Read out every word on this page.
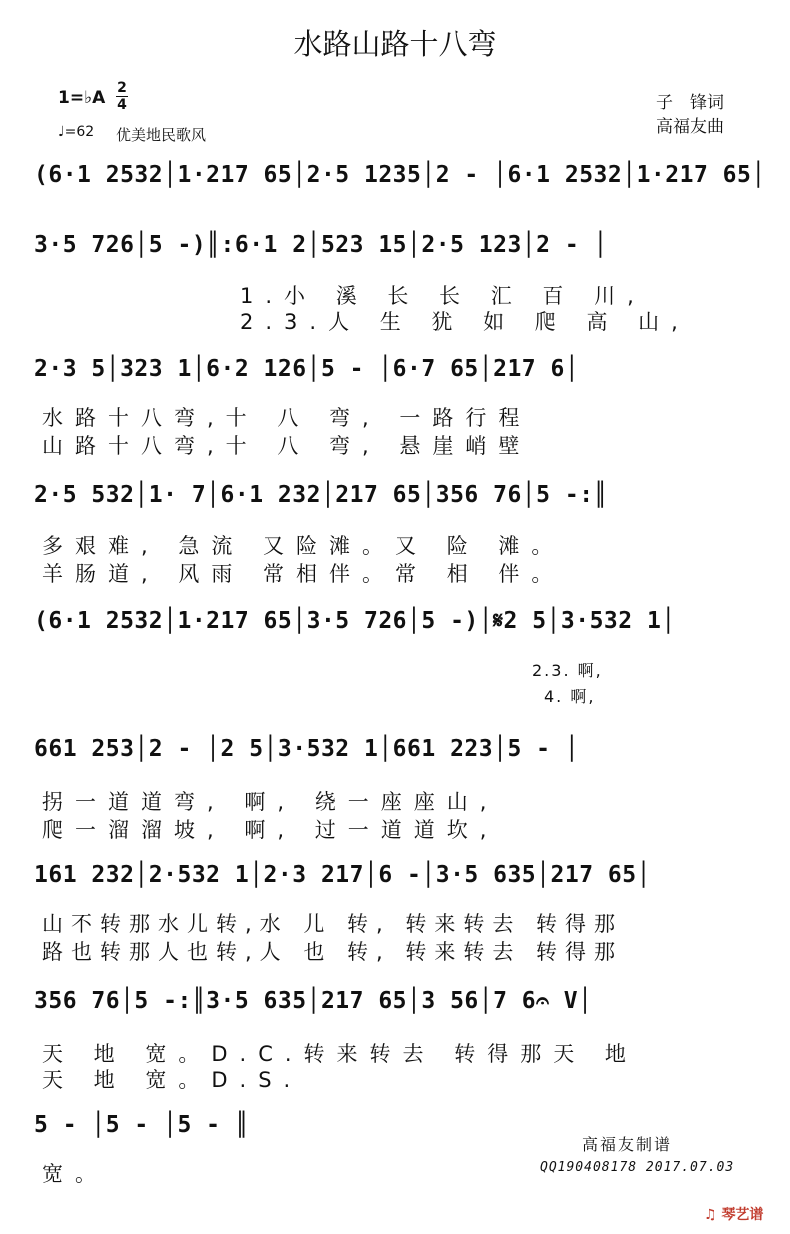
水路山路十八弯
1=♭A 2
4
♩=62 优美地民歌风
子　锋词
高福友曲
(6·1 2532│1·217 65│2·5 1235│2 - │6·1 2532│1·217 65│
3·5 726│5 -)║:6·1 2│523 15│2·5 123│2 - │
1.小 溪 长 长 汇 百 川,
2.3.人 生 犹 如 爬 高 山,
2·3 5│323 1│6·2 126│5 - │6·7 65│217 6│
水路十八弯,十 八 弯, 一路行程
山路十八弯,十 八 弯, 悬崖峭壁
2·5 532│1· 7│6·1 232│217 65│356 76│5 -:║
多艰难, 急流 又险滩。又 险 滩。
羊肠道, 风雨 常相伴。常 相 伴。
(6·1 2532│1·217 65│3·5 726│5 -)│𝄋2 5│3·532 1│
2.3. 啊,
4. 啊,
661 253│2 - │2 5│3·532 1│661 223│5 - │
拐一道道弯, 啊, 绕一座座山,
爬一溜溜坡, 啊, 过一道道坎,
161 232│2·532 1│2·3 217│6 -│3·5 635│217 65│
山不转那水儿转,水 儿 转, 转来转去 转得那
路也转那人也转,人 也 转, 转来转去 转得那
356 76│5 -:║3·5 635│217 65│3 56│7 6𝄐 V│
天 地 宽。D.C.转来转去 转得那天 地
天 地 宽。D.S.
5 - │5 - │5 - ║
宽。
高福友制谱
QQ190408178 2017.07.03
♫ 琴艺谱
